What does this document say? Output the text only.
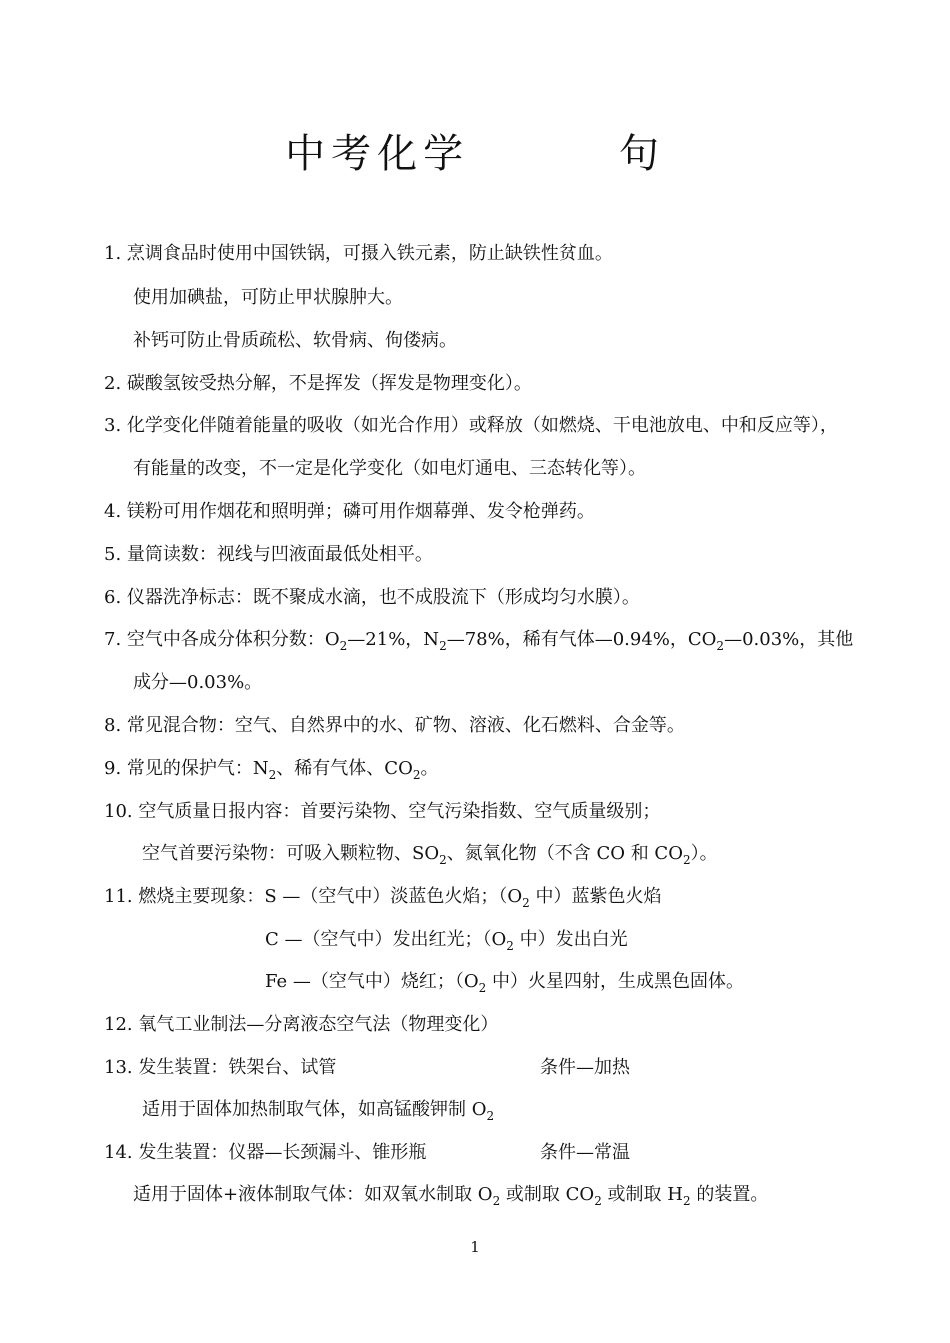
中考化学        句
1. 烹调食品时使用中国铁锅，可摄入铁元素，防止缺铁性贫血。
使用加碘盐，可防止甲状腺肿大。
补钙可防止骨质疏松、软骨病、佝偻病。
2. 碳酸氢铵受热分解，不是挥发（挥发是物理变化）。
3. 化学变化伴随着能量的吸收（如光合作用）或释放（如燃烧、干电池放电、中和反应等），
有能量的改变，不一定是化学变化（如电灯通电、三态转化等）。
4. 镁粉可用作烟花和照明弹；磷可用作烟幕弹、发令枪弹药。
5. 量筒读数：视线与凹液面最低处相平。
6. 仪器洗净标志：既不聚成水滴，也不成股流下（形成均匀水膜）。
7. 空气中各成分体积分数：$O_2—21\%$，$N_2—78\%$，稀有气体—0.94%，$CO_2—0.03\%$，其他
成分—0.03%。
8. 常见混合物：空气、自然界中的水、矿物、溶液、化石燃料、合金等。
9. 常见的保护气：$N_2$、稀有气体、$CO_2$。
10. 空气质量日报内容：首要污染物、空气污染指数、空气质量级别；
空气首要污染物：可吸入颗粒物、$SO_2$、氮氧化物（不含 CO 和 $CO_2$）。
11. 燃烧主要现象：S —（空气中）淡蓝色火焰；（$O_2$ 中）蓝紫色火焰
C —（空气中）发出红光；（$O_2$ 中）发出白光
Fe —（空气中）烧红；（$O_2$ 中）火星四射，生成黑色固体。
12. 氧气工业制法—分离液态空气法（物理变化）
13. 发生装置：铁架台、试管	条件—加热
适用于固体加热制取气体，如高锰酸钾制 $O_2$
14. 发生装置：仪器—长颈漏斗、锥形瓶	条件—常温
适用于固体+液体制取气体：如双氧水制取 $O_2$ 或制取 $CO_2$ 或制取 $H_2$ 的装置。
1
